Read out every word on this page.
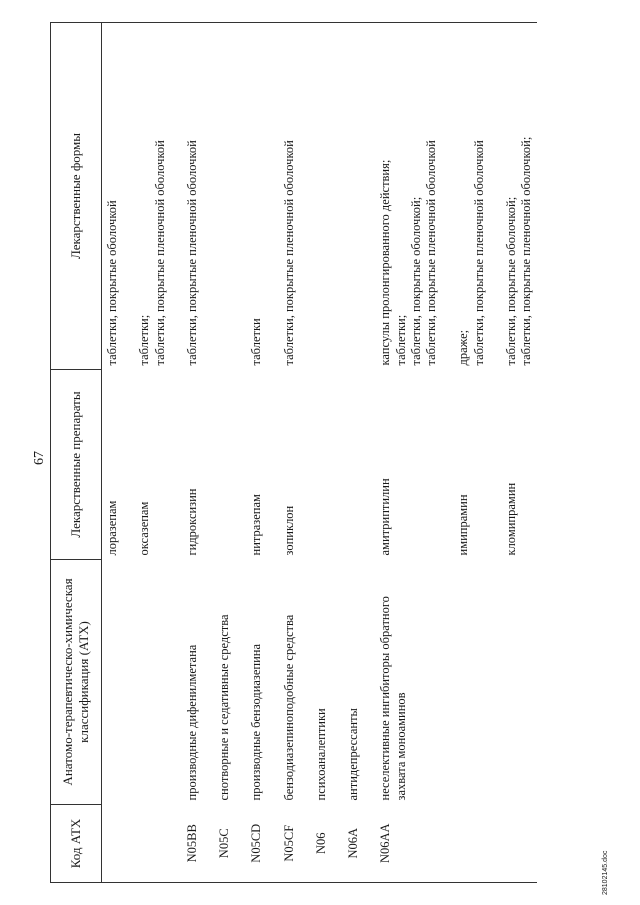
67
Код АТХ	Анатомо-терапевтическо-химическая классификация (АТХ)	Лекарственные препараты	Лекарственные формы
		лоразепам	таблетки, покрытые оболочкой

		оксазепам	таблетки; таблетки, покрытые пленочной оболочкой

N05BB	производные дифенилметана	гидроксизин	таблетки, покрытые пленочной оболочкой

N05C	снотворные и седативные средства		
N05CD	производные бензодиазепина	нитразепам	таблетки

N05CF	бензодиазепиноподобные средства	зопиклон	таблетки, покрытые пленочной оболочкой

N06	психоаналептики		
N06A	антидепрессанты		
N06AA	неселективные ингибиторы обратного захвата моноаминов	амитриптилин	капсулы пролонгированного действия; таблетки; таблетки, покрытые оболочкой; таблетки, покрытые пленочной оболочкой

		имипрамин	драже; таблетки, покрытые пленочной оболочкой

		кломипрамин	таблетки, покрытые оболочкой; таблетки, покрытые пленочной оболочкой;
28102145.doc
